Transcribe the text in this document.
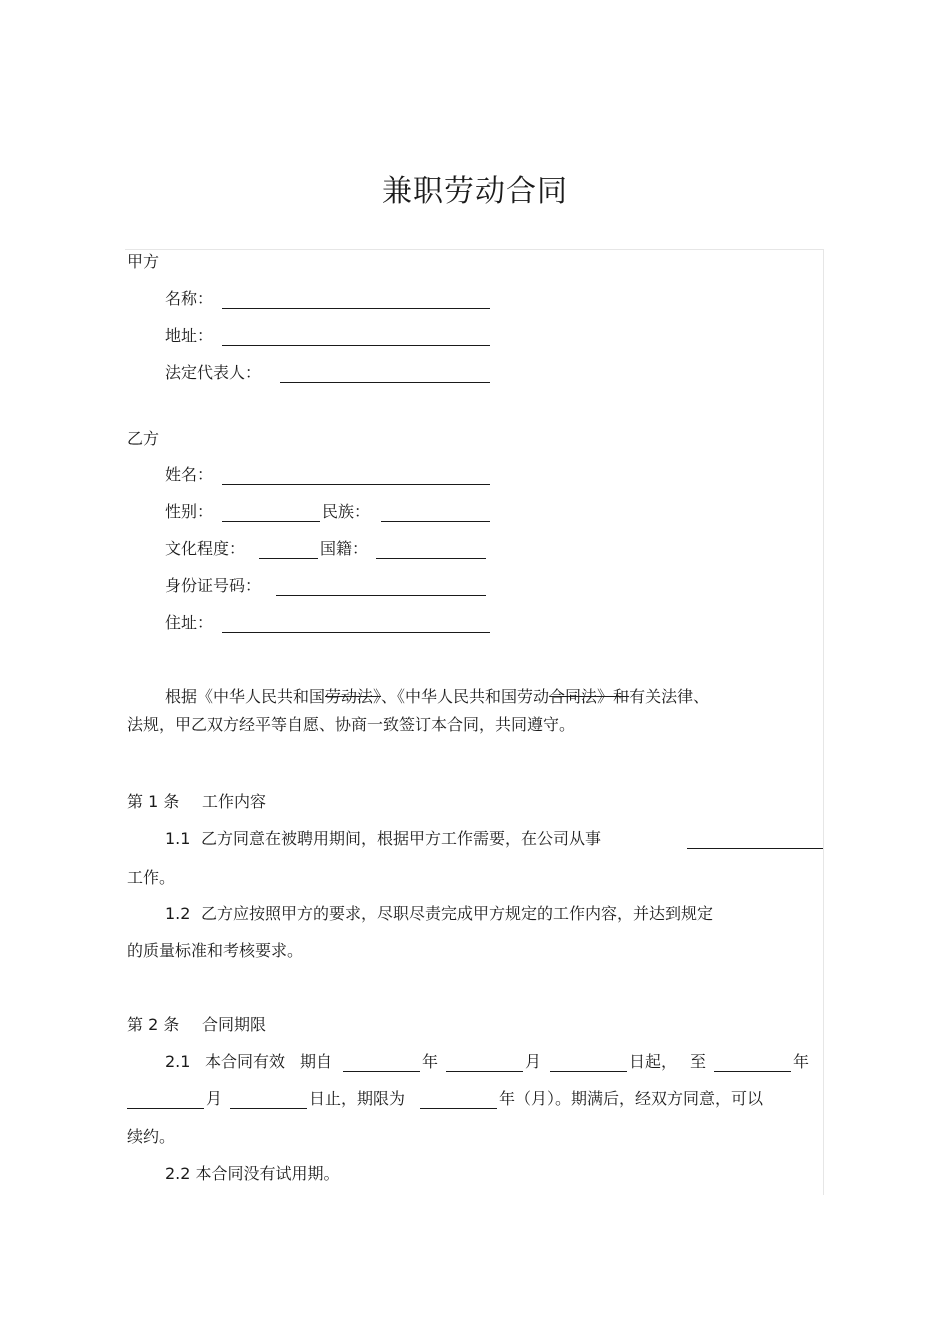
兼职劳动合同
甲方
名称：
地址：
法定代表人：
乙方
姓名：
性别：	民族：
文化程度：	国籍：
身份证号码：
住址：
根据《中华人民共和国劳动法》、《中华人民共和国劳动合同法》和有关法律、
法规，甲乙双方经平等自愿、协商一致签订本合同，共同遵守。
第 1 条 工作内容
1.1 乙方同意在被聘用期间，根据甲方工作需要，在公司从事
工作。
1.2 乙方应按照甲方的要求，尽职尽责完成甲方规定的工作内容，并达到规定
的质量标准和考核要求。
第 2 条 合同期限
2.1 本合同有效 期自	年	月	日起， 至	年
月	日止，期限为	年（月）。期满后，经双方同意，可以
续约。
2.2 本合同没有试用期。
